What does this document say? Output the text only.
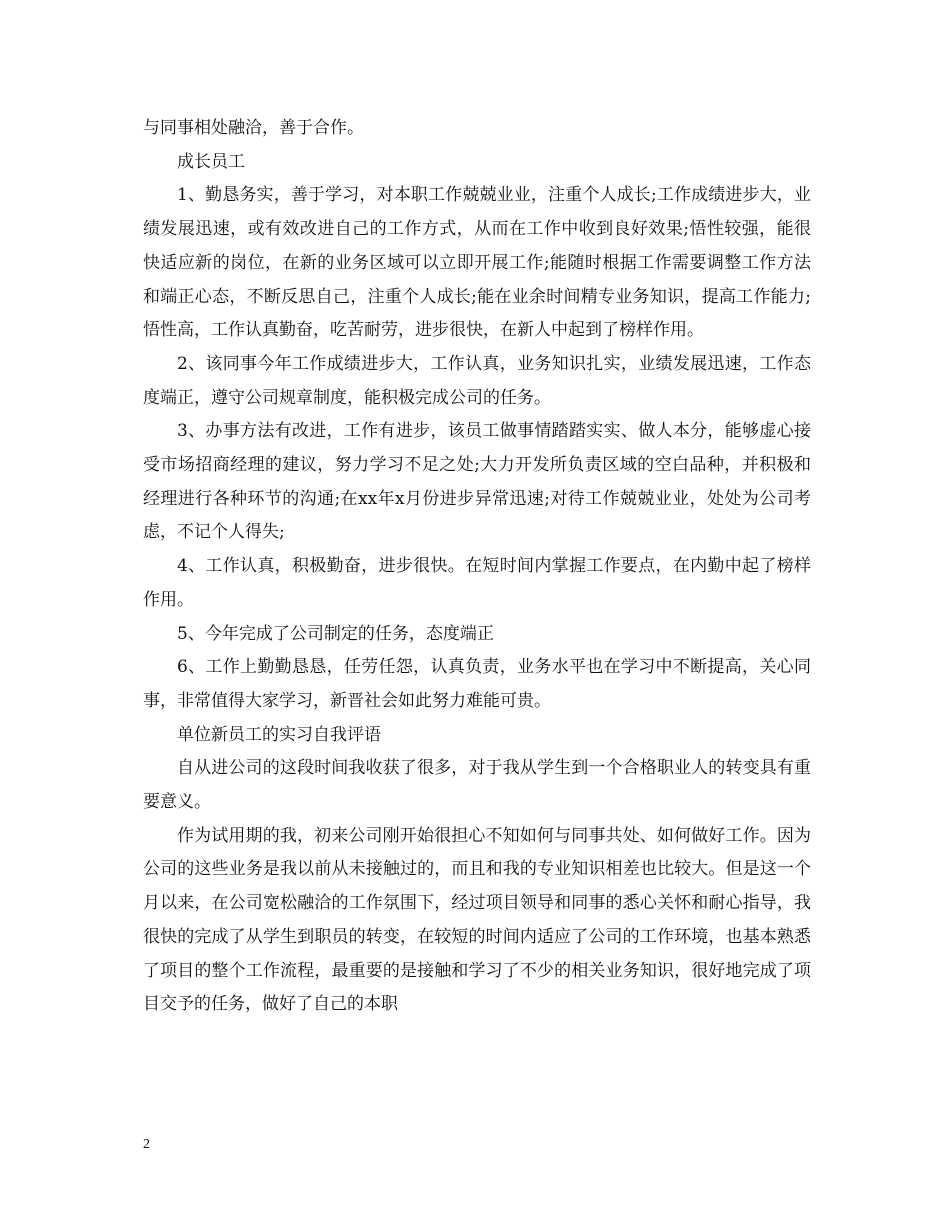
与同事相处融洽，善于合作。

成长员工

1、勤恳务实，善于学习，对本职工作兢兢业业，注重个人成长;工作成绩进步大，业绩发展迅速，或有效改进自己的工作方式，从而在工作中收到良好效果;悟性较强，能很快适应新的岗位，在新的业务区域可以立即开展工作;能随时根据工作需要调整工作方法和端正心态，不断反思自己，注重个人成长;能在业余时间精专业务知识，提高工作能力;悟性高，工作认真勤奋，吃苦耐劳，进步很快，在新人中起到了榜样作用。

2、该同事今年工作成绩进步大，工作认真，业务知识扎实，业绩发展迅速，工作态度端正，遵守公司规章制度，能积极完成公司的任务。

3、办事方法有改进，工作有进步，该员工做事情踏踏实实、做人本分，能够虚心接受市场招商经理的建议，努力学习不足之处;大力开发所负责区域的空白品种，并积极和经理进行各种环节的沟通;在xx年x月份进步异常迅速;对待工作兢兢业业，处处为公司考虑，不记个人得失;

4、工作认真，积极勤奋，进步很快。在短时间内掌握工作要点，在内勤中起了榜样作用。

5、今年完成了公司制定的任务，态度端正

6、工作上勤勤恳恳，任劳任怨，认真负责，业务水平也在学习中不断提高，关心同事，非常值得大家学习，新晋社会如此努力难能可贵。

单位新员工的实习自我评语

自从进公司的这段时间我收获了很多，对于我从学生到一个合格职业人的转变具有重要意义。

作为试用期的我，初来公司刚开始很担心不知如何与同事共处、如何做好工作。因为公司的这些业务是我以前从未接触过的，而且和我的专业知识相差也比较大。但是这一个月以来，在公司宽松融洽的工作氛围下，经过项目领导和同事的悉心关怀和耐心指导，我很快的完成了从学生到职员的转变，在较短的时间内适应了公司的工作环境，也基本熟悉了项目的整个工作流程，最重要的是接触和学习了不少的相关业务知识，很好地完成了项目交予的任务，做好了自己的本职

2
